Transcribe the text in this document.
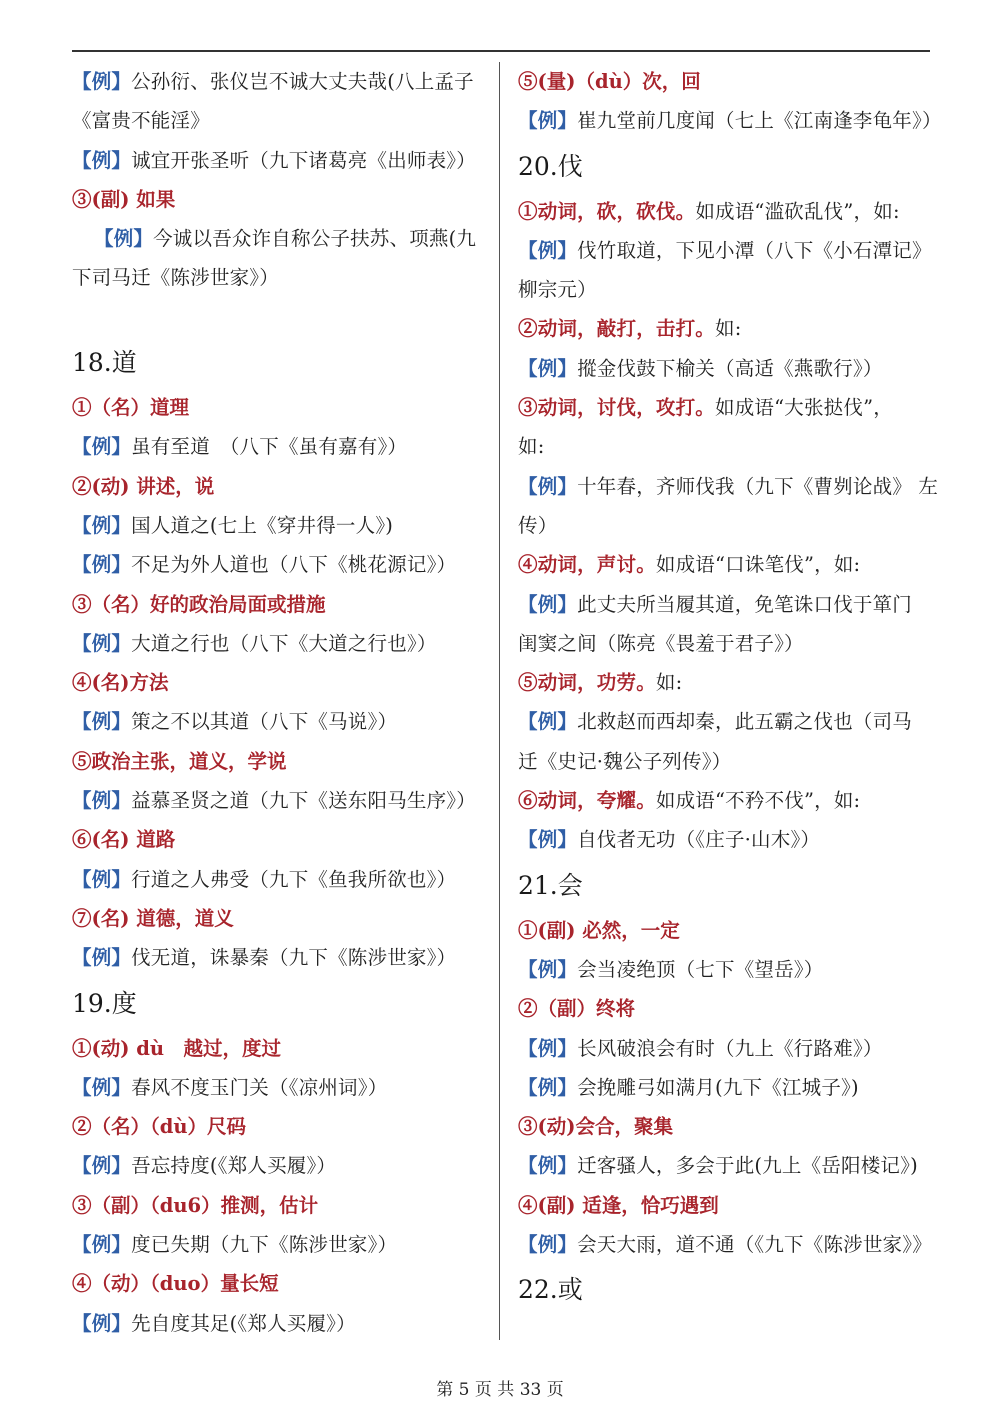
【例】公孙衍、张仪岂不诚大丈夫哉(八上孟子
《富贵不能淫》
【例】诚宜开张圣听（九下诸葛亮《出师表》）
③(副) 如果
【例】今诚以吾众诈自称公子扶苏、项燕(九
下司马迁《陈涉世家》）
18.道
①（名）道理
【例】虽有至道　（八下《虽有嘉有》）
②(动) 讲述，说
【例】国人道之(七上《穿井得一人》)
【例】不足为外人道也（八下《桃花源记》）
③（名）好的政治局面或措施
【例】大道之行也（八下《大道之行也》）
④(名)方法
【例】策之不以其道（八下《马说》）
⑤政治主张，道义，学说
【例】益慕圣贤之道（九下《送东阳马生序》）
⑥(名) 道路
【例】行道之人弗受（九下《鱼我所欲也》）
⑦(名) 道德，道义
【例】伐无道，诛暴秦（九下《陈涉世家》）
19.度
①(动) dù　越过，度过
【例】春风不度玉门关（《凉州词》）
②（名）（dù）尺码
【例】吾忘持度(《郑人买履》）
③（副）（du6）推测，估计
【例】度已失期（九下《陈涉世家》）
④（动）（duo）量长短
【例】先自度其足(《郑人买履》）
⑤(量)（dù）次，回
【例】崔九堂前几度闻（七上《江南逢李龟年》）
20.伐
①动词，砍，砍伐。如成语“滥砍乱伐”，如:
【例】伐竹取道，下见小潭（八下《小石潭记》
柳宗元）
②动词，敲打，击打。如:
【例】摐金伐鼓下榆关（高适《燕歌行》）
③动词，讨伐，攻打。如成语“大张挞伐”，
如:
【例】十年春，齐师伐我（九下《曹刿论战》 左
传）
④动词，声讨。如成语“口诛笔伐”，如:
【例】此丈夫所当履其道，免笔诛口伐于箪门
闺窦之间（陈亮《畏羞于君子》）
⑤动词，功劳。如:
【例】北救赵而西却秦，此五霸之伐也（司马
迁《史记·魏公子列传》）
⑥动词，夸耀。如成语“不矜不伐”，如:
【例】自伐者无功（《庄子·山木》）
21.会
①(副) 必然，一定
【例】会当凌绝顶（七下《望岳》）
②（副）终将
【例】长风破浪会有时（九上《行路难》）
【例】会挽雕弓如满月(九下《江城子》)
③(动)会合，聚集
【例】迁客骚人，多会于此(九上《岳阳楼记》)
④(副) 适逢，恰巧遇到
【例】会天大雨，道不通（《九下《陈涉世家》》
22.或
第 5 页 共 33 页
